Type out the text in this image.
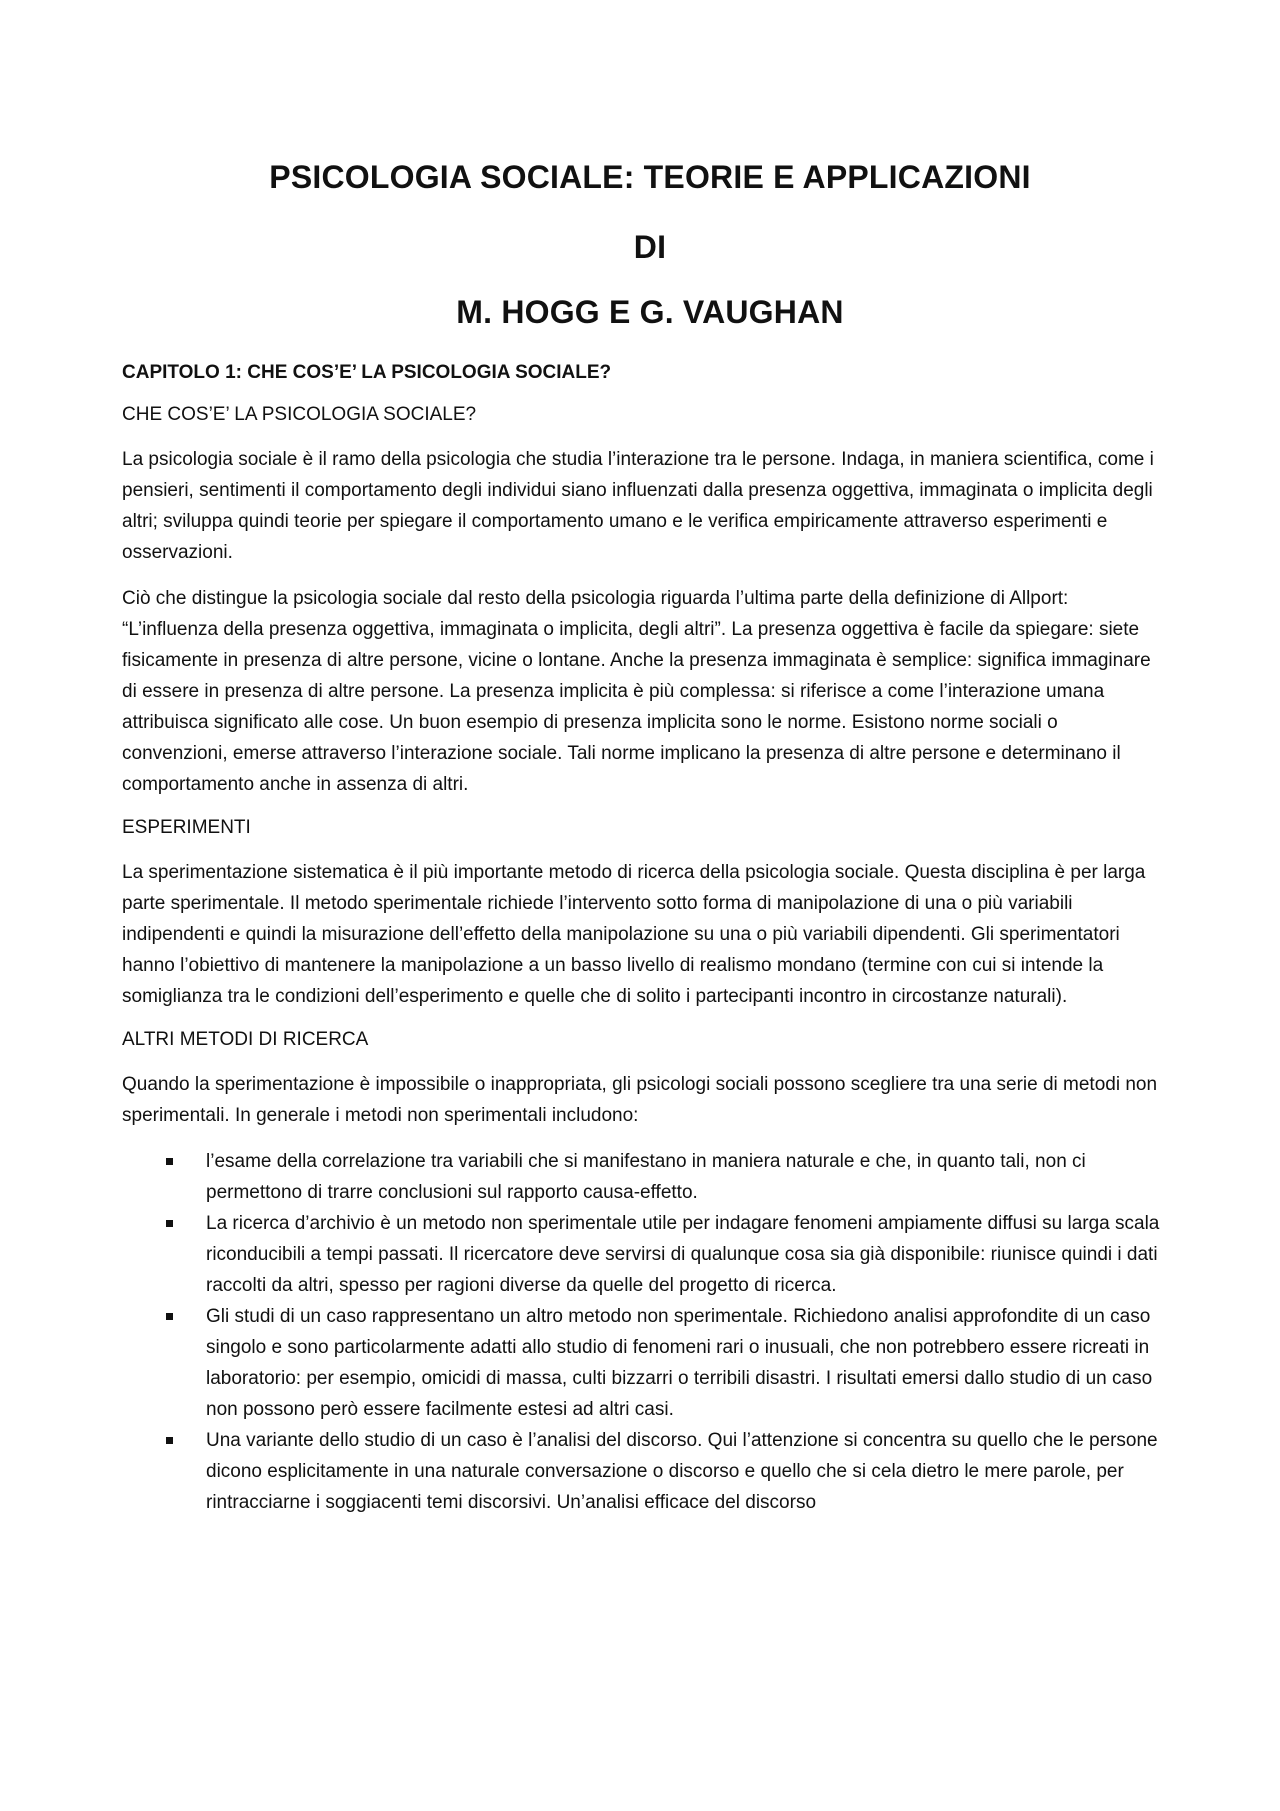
PSICOLOGIA SOCIALE: TEORIE E APPLICAZIONI
DI
M. HOGG E G. VAUGHAN

CAPITOLO 1: CHE COS’E’ LA PSICOLOGIA SOCIALE?

CHE COS’E’ LA PSICOLOGIA SOCIALE?

La psicologia sociale è il ramo della psicologia che studia l’interazione tra le persone. Indaga, in maniera scientifica, come i pensieri, sentimenti il comportamento degli individui siano influenzati dalla presenza oggettiva, immaginata o implicita degli altri; sviluppa quindi teorie per spiegare il comportamento umano e le verifica empiricamente attraverso esperimenti e osservazioni.

Ciò che distingue la psicologia sociale dal resto della psicologia riguarda l’ultima parte della definizione di Allport: “L’influenza della presenza oggettiva, immaginata o implicita, degli altri”. La presenza oggettiva è facile da spiegare: siete fisicamente in presenza di altre persone, vicine o lontane. Anche la presenza immaginata è semplice: significa immaginare di essere in presenza di altre persone. La presenza implicita è più complessa: si riferisce a come l’interazione umana attribuisca significato alle cose. Un buon esempio di presenza implicita sono le norme. Esistono norme sociali o convenzioni, emerse attraverso l’interazione sociale. Tali norme implicano la presenza di altre persone e determinano il comportamento anche in assenza di altri.

ESPERIMENTI

La sperimentazione sistematica è il più importante metodo di ricerca della psicologia sociale. Questa disciplina è per larga parte sperimentale. Il metodo sperimentale richiede l’intervento sotto forma di manipolazione di una o più variabili indipendenti e quindi la misurazione dell’effetto della manipolazione su una o più variabili dipendenti. Gli sperimentatori hanno l’obiettivo di mantenere la manipolazione a un basso livello di realismo mondano (termine con cui si intende la somiglianza tra le condizioni dell’esperimento e quelle che di solito i partecipanti incontro in circostanze naturali).

ALTRI METODI DI RICERCA

Quando la sperimentazione è impossibile o inappropriata, gli psicologi sociali possono scegliere tra una serie di metodi non sperimentali. In generale i metodi non sperimentali includono:

l’esame della correlazione tra variabili che si manifestano in maniera naturale e che, in quanto tali, non ci permettono di trarre conclusioni sul rapporto causa-effetto.
La ricerca d’archivio è un metodo non sperimentale utile per indagare fenomeni ampiamente diffusi su larga scala riconducibili a tempi passati. Il ricercatore deve servirsi di qualunque cosa sia già disponibile: riunisce quindi i dati raccolti da altri, spesso per ragioni diverse da quelle del progetto di ricerca.
Gli studi di un caso rappresentano un altro metodo non sperimentale. Richiedono analisi approfondite di un caso singolo e sono particolarmente adatti allo studio di fenomeni rari o inusuali, che non potrebbero essere ricreati in laboratorio: per esempio, omicidi di massa, culti bizzarri o terribili disastri. I risultati emersi dallo studio di un caso non possono però essere facilmente estesi ad altri casi.
Una variante dello studio di un caso è l’analisi del discorso. Qui l’attenzione si concentra su quello che le persone dicono esplicitamente in una naturale conversazione o discorso e quello che si cela dietro le mere parole, per rintracciarne i soggiacenti temi discorsivi. Un’analisi efficace del discorso
